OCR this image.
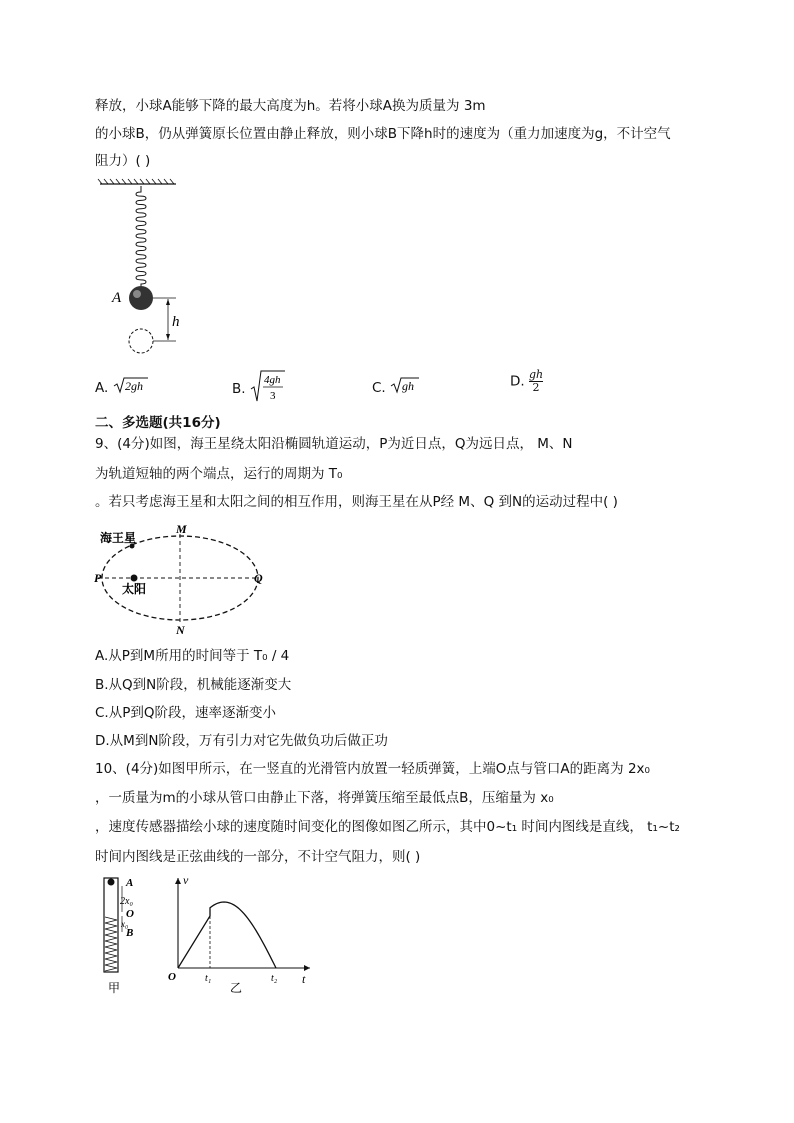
释放，小球A能够下降的最大高度为h。若将小球A换为质量为 3m
的小球B，仍从弹簧原长位置由静止释放，则小球B下降h时的速度为（重力加速度为g，不计空气
阻力）( )
A
h
A. 2gh	B.
4gh
3	C. gh	D. $\frac{gh}{2}$
二、多选题(共16分)
9、(4分)如图，海王星绕太阳沿椭圆轨道运动，P为近日点，Q为远日点， M、N
为轨道短轴的两个端点，运行的周期为 T₀
。若只考虑海王星和太阳之间的相互作用，则海王星在从P经 M、Q 到N的运动过程中( )
海王星
太阳
P	Q
M
N
A.从P到M所用的时间等于 T₀ / 4
B.从Q到N阶段，机械能逐渐变大
C.从P到Q阶段，速率逐渐变小
D.从M到N阶段，万有引力对它先做负功后做正功
10、(4分)如图甲所示，在一竖直的光滑管内放置一轻质弹簧，上端O点与管口A的距离为 2x₀
，一质量为m的小球从管口由静止下落，将弹簧压缩至最低点B，压缩量为 x₀
，速度传感器描绘小球的速度随时间变化的图像如图乙所示，其中0~t₁ 时间内图线是直线， t₁~t₂
时间内图线是正弦曲线的一部分，不计空气阻力，则( )
A
2x₀
O
x₀
B
甲
v
t
O	t₁	t₂
乙
